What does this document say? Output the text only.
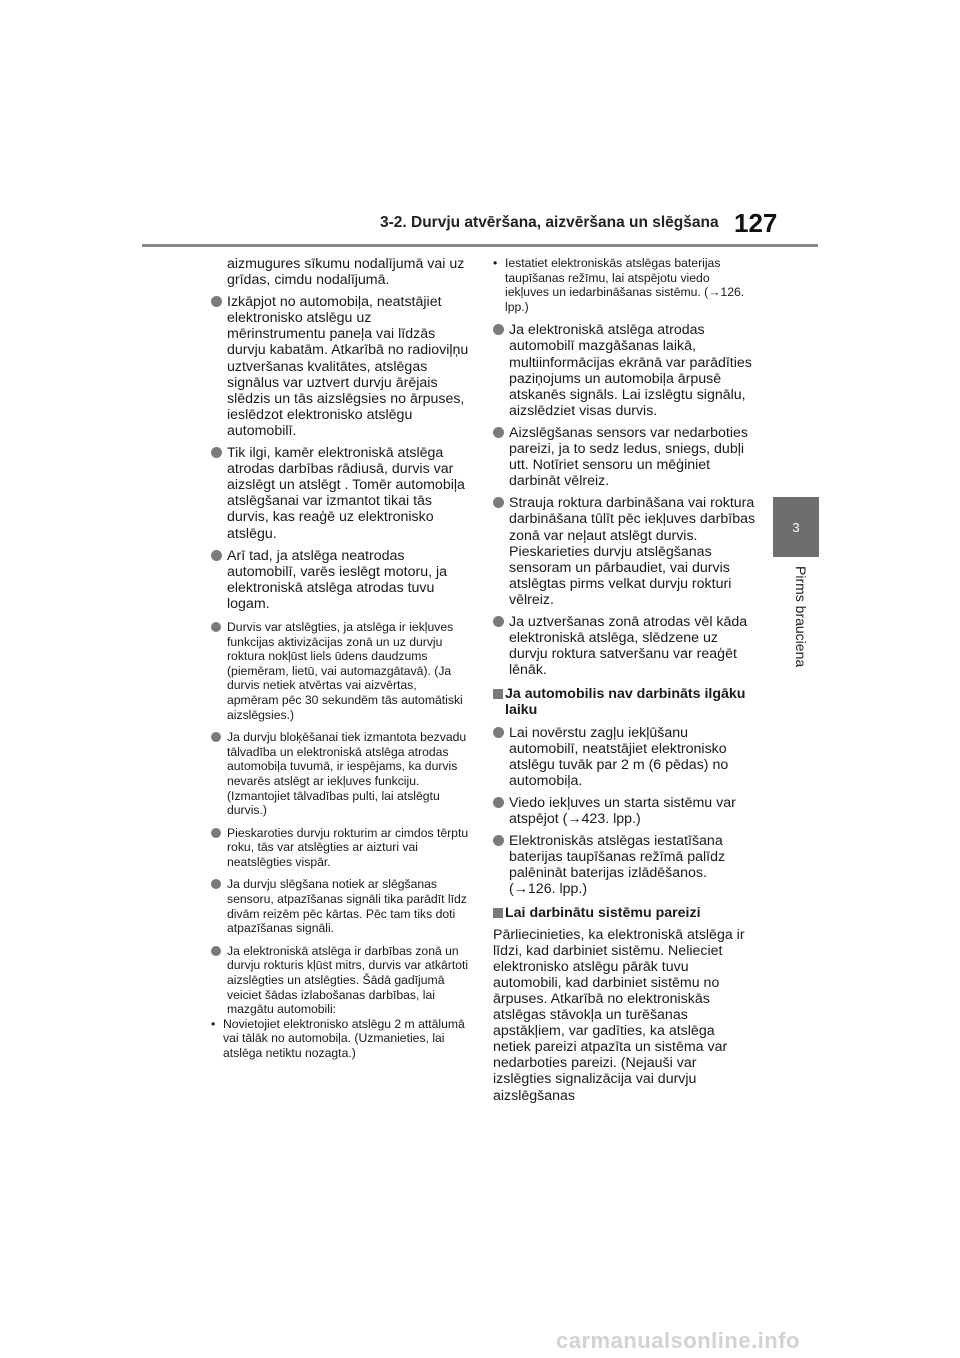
3-2. Durvju atvēršana, aizvēršana un slēgšana 127
3
Pirms brauciena

aizmugures sīkumu nodalījumā vai uz grīdas, cimdu nodalījumā.

Izkāpjot no automobiļa, neatstājiet elektronisko atslēgu uz mērinstrumentu paneļa vai līdzās durvju kabatām. Atkarībā no radioviļņu uztveršanas kvalitātes, atslēgas signālus var uztvert durvju ārējais slēdzis un tās aizslēgsies no ārpuses, ieslēdzot elektronisko atslēgu automobilī.
Tik ilgi, kamēr elektroniskā atslēga atrodas darbības rādiusā, durvis var aizslēgt un atslēgt . Tomēr automobiļa atslēgšanai var izmantot tikai tās durvis, kas reaģē uz elektronisko atslēgu.
Arī tad, ja atslēga neatrodas automobilī, varēs ieslēgt motoru, ja elektroniskā atslēga atrodas tuvu logam.
Durvis var atslēgties, ja atslēga ir iekļuves funkcijas aktivizācijas zonā un uz durvju roktura nokļūst liels ūdens daudzums (piemēram, lietū, vai automazgātavā). (Ja durvis netiek atvērtas vai aizvērtas, apmēram pēc 30 sekundēm tās automātiski aizslēgsies.)
Ja durvju bloķēšanai tiek izmantota bezvadu tālvadība un elektroniskā atslēga atrodas automobiļa tuvumā, ir iespējams, ka durvis nevarēs atslēgt ar iekļuves funkciju. (Izmantojiet tālvadības pulti, lai atslēgtu durvis.)
Pieskaroties durvju rokturim ar cimdos tērptu roku, tās var atslēgties ar aizturi vai neatslēgties vispār.
Ja durvju slēgšana notiek ar slēgšanas sensoru, atpazīšanas signāli tika parādīt līdz divām reizēm pēc kārtas. Pēc tam tiks doti atpazīšanas signāli.
Ja elektroniskā atslēga ir darbības zonā un durvju rokturis kļūst mitrs, durvis var atkārtoti aizslēgties un atslēgties. Šādā gadījumā veiciet šādas izlabošanas darbības, lai mazgātu automobili:
• Novietojiet elektronisko atslēgu 2 m attālumā vai tālāk no automobiļa. (Uzmanieties, lai atslēga netiktu nozagta.)
• Iestatiet elektroniskās atslēgas baterijas taupīšanas režīmu, lai atspējotu viedo iekļuves un iedarbināšanas sistēmu. (→126. lpp.)
Ja elektroniskā atslēga atrodas automobilī mazgāšanas laikā, multiinformācijas ekrānā var parādīties paziņojums un automobiļa ārpusē atskanēs signāls. Lai izslēgtu signālu, aizslēdziet visas durvis.
Aizslēgšanas sensors var nedarboties pareizi, ja to sedz ledus, sniegs, dubļi utt. Notīriet sensoru un mēģiniet darbināt vēlreiz.
Strauja roktura darbināšana vai roktura darbināšana tūlīt pēc iekļuves darbības zonā var neļaut atslēgt durvis. Pieskarieties durvju atslēgšanas sensoram un pārbaudiet, vai durvis atslēgtas pirms velkat durvju rokturi vēlreiz.
Ja uztveršanas zonā atrodas vēl kāda elektroniskā atslēga, slēdzene uz durvju roktura satveršanu var reaģēt lēnāk.
Ja automobilis nav darbināts ilgāku laiku
Lai novērstu zagļu iekļūšanu automobilī, neatstājiet elektronisko atslēgu tuvāk par 2 m (6 pēdas) no automobiļa.
Viedo iekļuves un starta sistēmu var atspējot (→423. lpp.)
Elektroniskās atslēgas iestatīšana baterijas taupīšanas režīmā palīdz palēnināt baterijas izlādēšanos. (→126. lpp.)
Lai darbinātu sistēmu pareizi

Pārliecinieties, ka elektroniskā atslēga ir līdzi, kad darbiniet sistēmu. Nelieciet elektronisko atslēgu pārāk tuvu automobili, kad darbiniet sistēmu no ārpuses. Atkarībā no elektroniskās atslēgas stāvokļa un turēšanas apstākļiem, var gadīties, ka atslēga netiek pareizi atpazīta un sistēma var nedarboties pareizi. (Nejauši var izslēgties signalizācija vai durvju aizslēgšanas

carmanualsonline.info
